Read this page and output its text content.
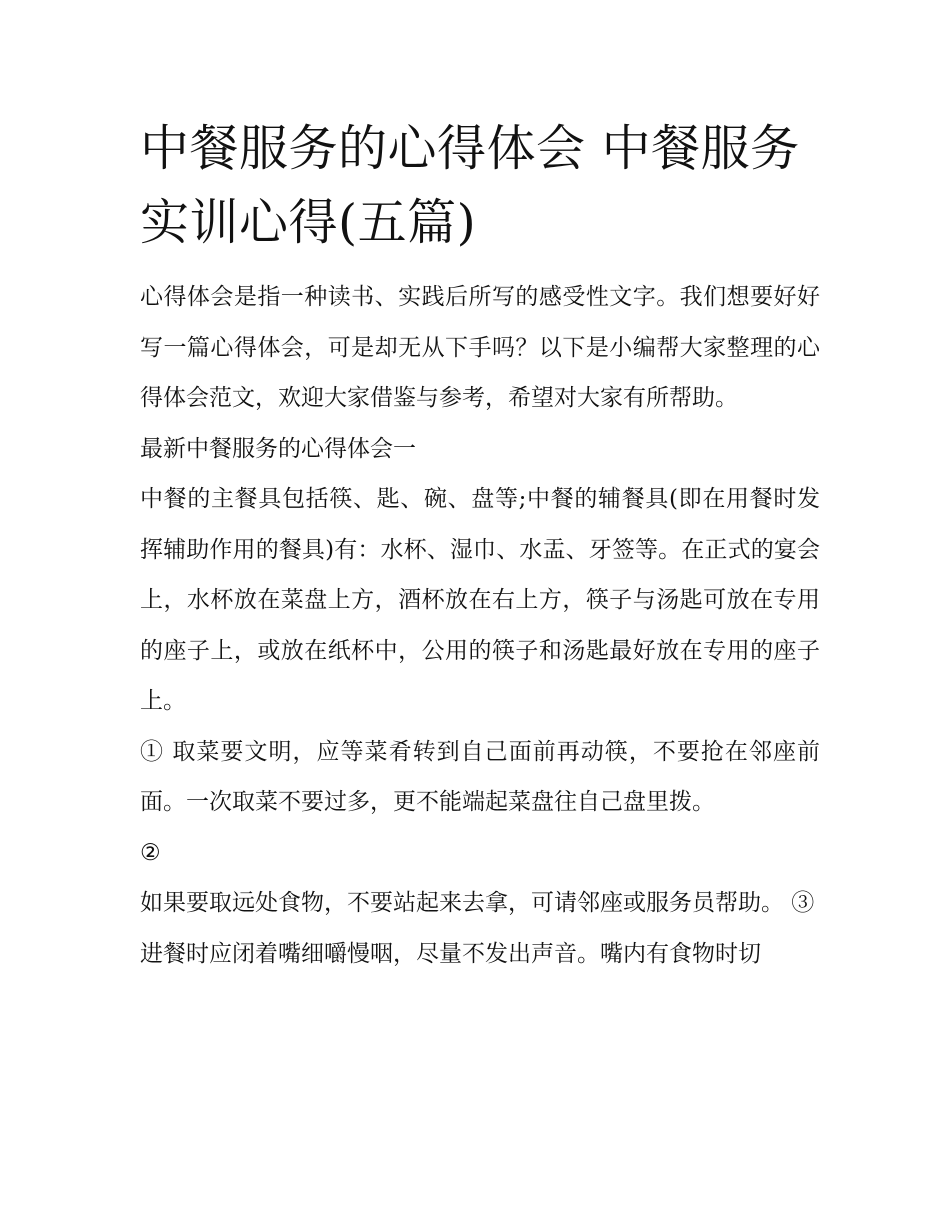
中餐服务的心得体会 中餐服务实训心得(五篇)

心得体会是指一种读书、实践后所写的感受性文字。我们想要好好写一篇心得体会，可是却无从下手吗？以下是小编帮大家整理的心得体会范文，欢迎大家借鉴与参考，希望对大家有所帮助。

最新中餐服务的心得体会一

中餐的主餐具包括筷、匙、碗、盘等;中餐的辅餐具(即在用餐时发挥辅助作用的餐具)有：水杯、湿巾、水盂、牙签等。在正式的宴会上，水杯放在菜盘上方，酒杯放在右上方，筷子与汤匙可放在专用的座子上，或放在纸杯中，公用的筷子和汤匙最好放在专用的座子上。

① 取菜要文明，应等菜肴转到自己面前再动筷，不要抢在邻座前面。一次取菜不要过多，更不能端起菜盘往自己盘里拨。

②

如果要取远处食物，不要站起来去拿，可请邻座或服务员帮助。 ③

进餐时应闭着嘴细嚼慢咽，尽量不发出声音。嘴内有食物时切
